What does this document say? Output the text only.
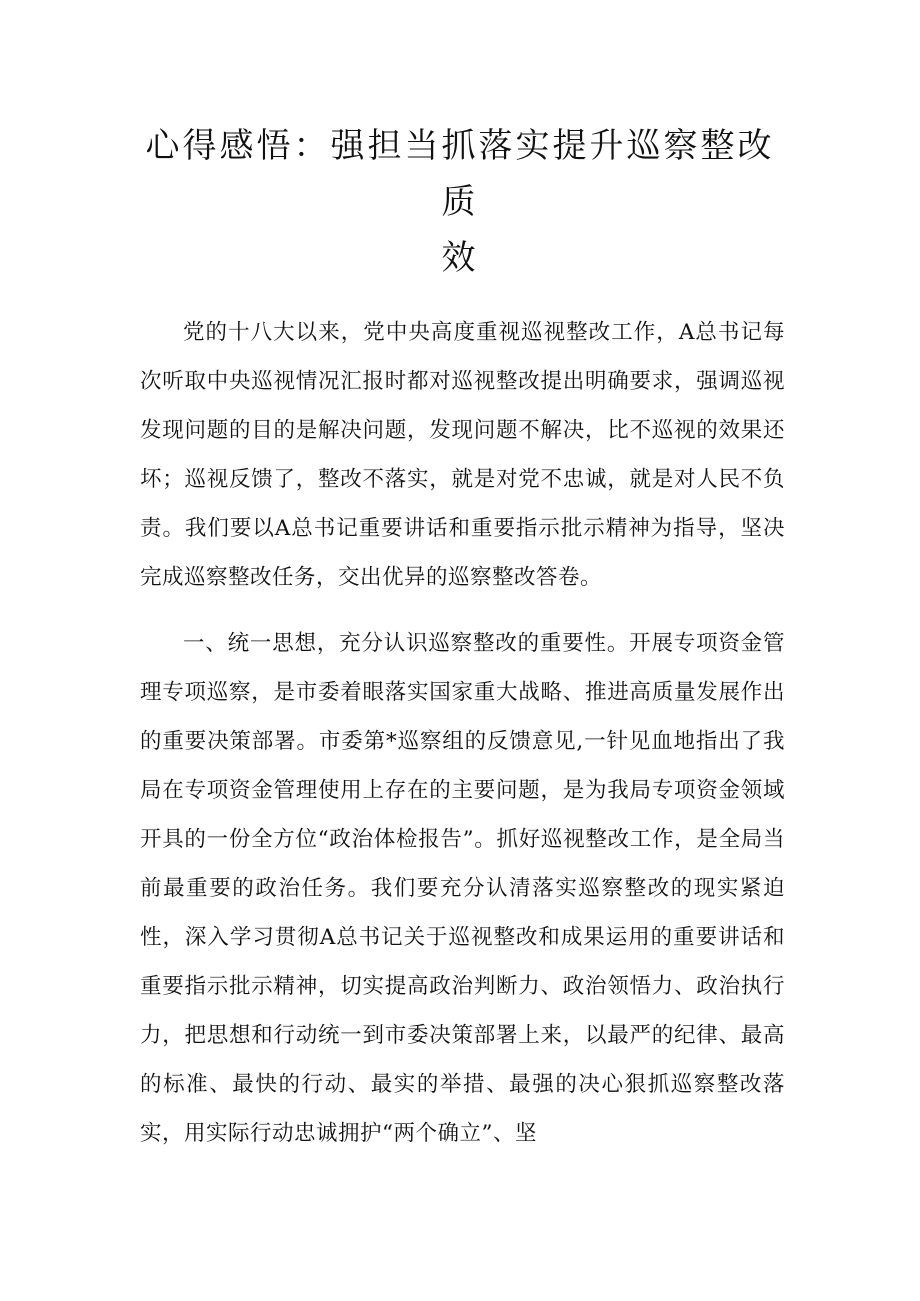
心得感悟：强担当抓落实提升巡察整改质
效

党的十八大以来，党中央高度重视巡视整改工作，A总书记每次听取中央巡视情况汇报时都对巡视整改提出明确要求，强调巡视发现问题的目的是解决问题，发现问题不解决，比不巡视的效果还坏；巡视反馈了，整改不落实，就是对党不忠诚，就是对人民不负责。我们要以A总书记重要讲话和重要指示批示精神为指导，坚决完成巡察整改任务，交出优异的巡察整改答卷。

一、统一思想，充分认识巡察整改的重要性。开展专项资金管理专项巡察，是市委着眼落实国家重大战略、推进高质量发展作出的重要决策部署。市委第*巡察组的反馈意见,一针见血地指出了我局在专项资金管理使用上存在的主要问题，是为我局专项资金领域开具的一份全方位“政治体检报告”。抓好巡视整改工作，是全局当前最重要的政治任务。我们要充分认清落实巡察整改的现实紧迫性，深入学习贯彻A总书记关于巡视整改和成果运用的重要讲话和重要指示批示精神，切实提高政治判断力、政治领悟力、政治执行力，把思想和行动统一到市委决策部署上来，以最严的纪律、最高的标准、最快的行动、最实的举措、最强的决心狠抓巡察整改落实，用实际行动忠诚拥护“两个确立”、坚
